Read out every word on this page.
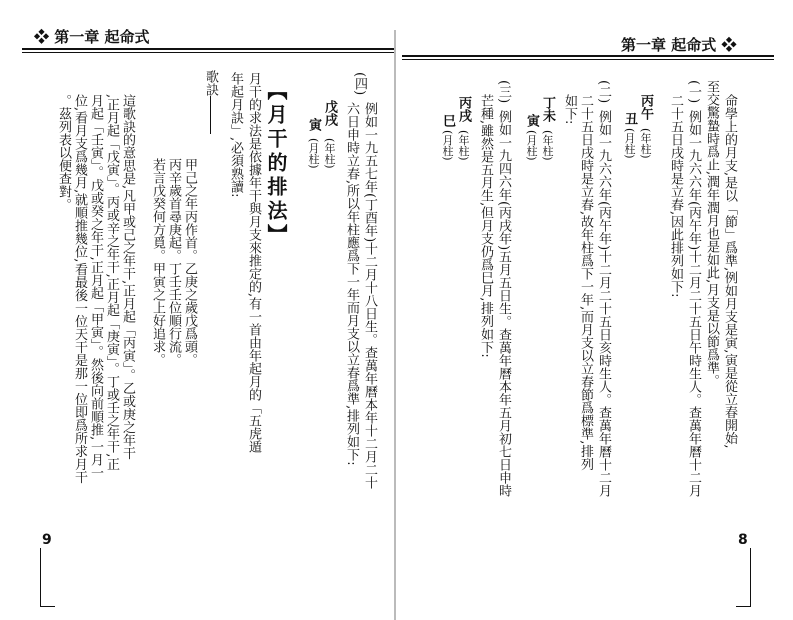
❖ 第一章 起命式
(四)
例如一九五七年(丁酉年)十二月十八日生。查萬年曆本年十二月二十
六日申時立春,所以年柱應爲下一年而月支以立春爲準,排列如下:
戊戌
(年柱)
寅
(月柱)
【月干的排法】
月干的求法是依據年干與月支來推定的,有一首由年起月的「五虎遁
年起月訣」,必須熟讀:
歌訣
甲己之年丙作首。乙庚之歲戊爲頭。
丙辛歲首尋庚起。丁壬壬位順行流。
若言戊癸何方覓。甲寅之上好追求。
這歌訣的意思是,凡甲或己之年干,正月起「丙寅」。乙或庚之年干
,正月起「戊寅」。丙或辛之年干,正月起「庚寅」。丁或壬之年干,正
月起「壬寅」。戊或癸之年干,正月起「甲寅」。然後向前順推,一月一
位,看月支爲幾月,就順推幾位,看最後一位天干是那一位即爲所求月干
。茲列表以便查對。
9
第一章 起命式 ❖
命學上的月支,是以「節」爲準,例如月支是寅,寅是從立春開始,
至交驚蟄時爲止,潤年潤月也是如此,月支是以節爲準。
(一)
例如一九六六年(丙午年)十二月二十五日午時生人。查萬年曆十二月
二十五日戌時是立春,因此排列如下:
丙午
(年柱)
丑
(月柱)
(二)
例如一九六六年(丙午年)十二月二十五日亥時生人。查萬年曆十二月
二十五日戌時是立春,故年柱爲下一年,而月支以立春節爲標準,排列
如下:
丁未
(年柱)
寅
(月柱)
(三)
例如一九四六年(丙戌年)五月五日生。查萬年曆本年五月初七日申時
芒種,雖然是五月生,但月支仍爲巳月,排列如下:
丙戌
(年柱)
巳
(月柱)
8
